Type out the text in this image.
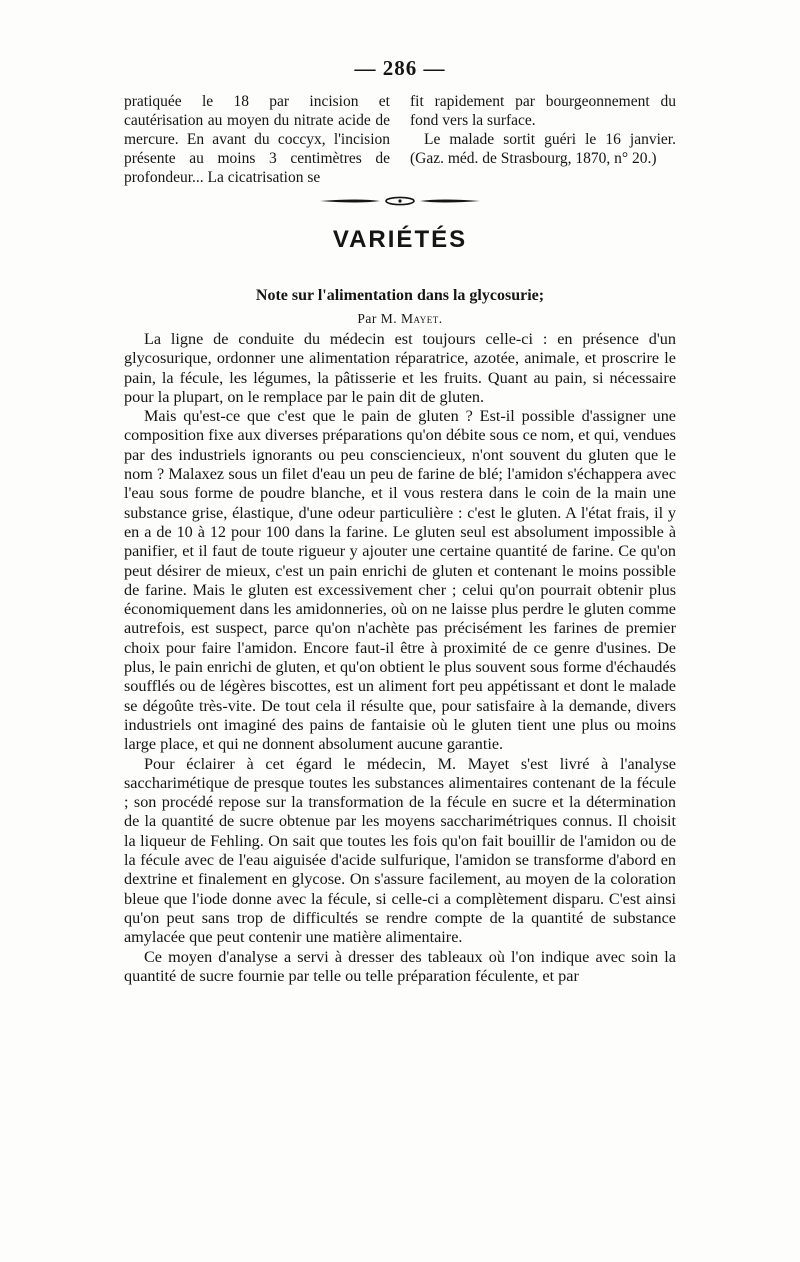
— 286 —

pratiquée le 18 par incision et cautérisation au moyen du nitrate acide de mercure. En avant du coccyx, l'incision présente au moins 3 centimètres de profondeur... La cicatrisation se

fit rapidement par bourgeonnement du fond vers la surface.

Le malade sortit guéri le 16 janvier. (Gaz. méd. de Strasbourg, 1870, n° 20.)

VARIÉTÉS
Note sur l'alimentation dans la glycosurie;
Par M. Mayet.

La ligne de conduite du médecin est toujours celle-ci : en présence d'un glycosurique, ordonner une alimentation réparatrice, azotée, animale, et proscrire le pain, la fécule, les légumes, la pâtisserie et les fruits. Quant au pain, si nécessaire pour la plupart, on le remplace par le pain dit de gluten.

Mais qu'est-ce que c'est que le pain de gluten ? Est-il possible d'assigner une composition fixe aux diverses préparations qu'on débite sous ce nom, et qui, vendues par des industriels ignorants ou peu consciencieux, n'ont souvent du gluten que le nom ? Malaxez sous un filet d'eau un peu de farine de blé; l'amidon s'échappera avec l'eau sous forme de poudre blanche, et il vous restera dans le coin de la main une substance grise, élastique, d'une odeur particulière : c'est le gluten. A l'état frais, il y en a de 10 à 12 pour 100 dans la farine. Le gluten seul est absolument impossible à panifier, et il faut de toute rigueur y ajouter une certaine quantité de farine. Ce qu'on peut désirer de mieux, c'est un pain enrichi de gluten et contenant le moins possible de farine. Mais le gluten est excessivement cher ; celui qu'on pourrait obtenir plus économiquement dans les amidonneries, où on ne laisse plus perdre le gluten comme autrefois, est suspect, parce qu'on n'achète pas précisément les farines de premier choix pour faire l'amidon. Encore faut-il être à proximité de ce genre d'usines. De plus, le pain enrichi de gluten, et qu'on obtient le plus souvent sous forme d'échaudés soufflés ou de légères biscottes, est un aliment fort peu appétissant et dont le malade se dégoûte très-vite. De tout cela il résulte que, pour satisfaire à la demande, divers industriels ont imaginé des pains de fantaisie où le gluten tient une plus ou moins large place, et qui ne donnent absolument aucune garantie.

Pour éclairer à cet égard le médecin, M. Mayet s'est livré à l'analyse saccharimétique de presque toutes les substances alimentaires contenant de la fécule ; son procédé repose sur la transformation de la fécule en sucre et la détermination de la quantité de sucre obtenue par les moyens saccharimétriques connus. Il choisit la liqueur de Fehling. On sait que toutes les fois qu'on fait bouillir de l'amidon ou de la fécule avec de l'eau aiguisée d'acide sulfurique, l'amidon se transforme d'abord en dextrine et finalement en glycose. On s'assure facilement, au moyen de la coloration bleue que l'iode donne avec la fécule, si celle-ci a complètement disparu. C'est ainsi qu'on peut sans trop de difficultés se rendre compte de la quantité de substance amylacée que peut contenir une matière alimentaire.

Ce moyen d'analyse a servi à dresser des tableaux où l'on indique avec soin la quantité de sucre fournie par telle ou telle préparation féculente, et par
